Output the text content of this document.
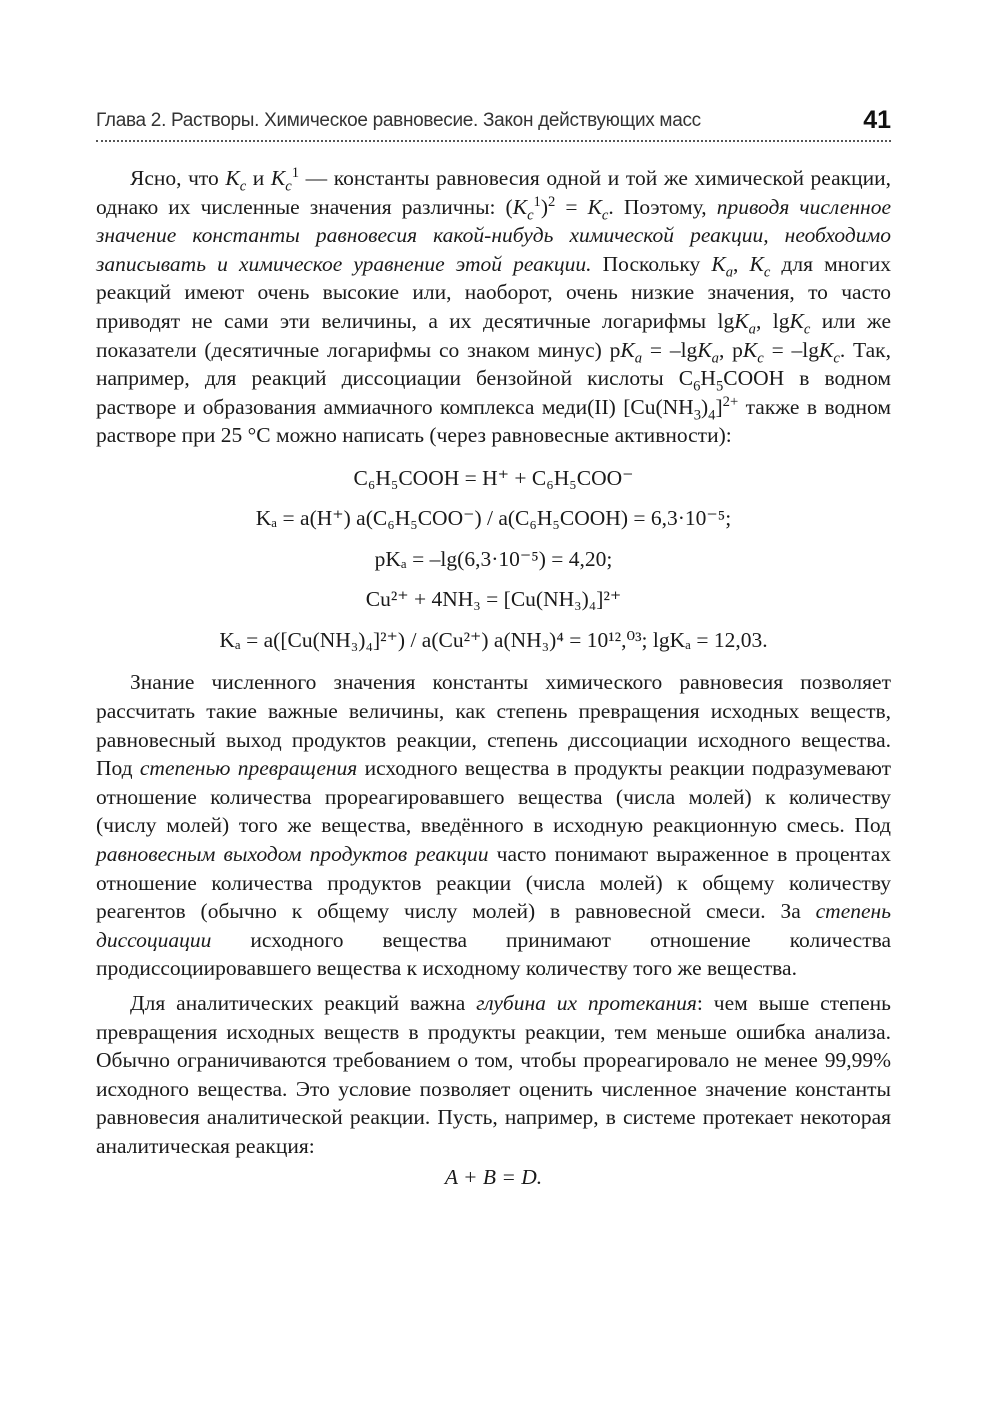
Глава 2. Растворы. Химическое равновесие. Закон действующих масс	41

Ясно, что $K_c$ и $K_c^1$ — константы равновесия одной и той же химической реакции, однако их численные значения различны: $(K_c^1)^2 = K_c$. Поэтому, приводя численное значение константы равновесия какой-нибудь химической реакции, необходимо записывать и химическое уравнение этой реакции. Поскольку $K_a$, $K_c$ для многих реакций имеют очень высокие или, наоборот, очень низкие значения, то часто приводят не сами эти величины, а их десятичные логарифмы lgK$_a$, lgK$_c$ или же показатели (десятичные логарифмы со знаком минус) $pK_a = -\lg K_a$, $pK_c = -\lg K_c$. Так, например, для реакций диссоциации бензойной кислоты $C_6H_5COOH$ в водном растворе и образования аммиачного комплекса меди(II) $[Cu(NH_3)_4]^{2+}$ также в водном растворе при 25 °С можно написать (через равновесные активности):

C₆H₅COOH = H⁺ + C₆H₅COO⁻
Kₐ = a(H⁺) a(C₆H₅COO⁻) / a(C₆H₅COOH) = 6,3·10⁻⁵;
pKₐ = –lg(6,3·10⁻⁵) = 4,20;
Cu²⁺ + 4NH₃ = [Cu(NH₃)₄]²⁺
Kₐ = a([Cu(NH₃)₄]²⁺) / a(Cu²⁺) a(NH₃)⁴ = 10¹²,⁰³; lgKₐ = 12,03.

Знание численного значения константы химического равновесия позволяет рассчитать такие важные величины, как степень превращения исходных веществ, равновесный выход продуктов реакции, степень диссоциации исходного вещества. Под степенью превращения исходного вещества в продукты реакции подразумевают отношение количества прореагировавшего вещества (числа молей) к количеству (числу молей) того же вещества, введённого в исходную реакционную смесь. Под равновесным выходом продуктов реакции часто понимают выраженное в процентах отношение количества продуктов реакции (числа молей) к общему количеству реагентов (обычно к общему числу молей) в равновесной смеси. За степень диссоциации исходного вещества принимают отношение количества продиссоциировавшего вещества к исходному количеству того же вещества.

Для аналитических реакций важна глубина их протекания: чем выше степень превращения исходных веществ в продукты реакции, тем меньше ошибка анализа. Обычно ограничиваются требованием о том, чтобы прореагировало не менее 99,99% исходного вещества. Это условие позволяет оценить численное значение константы равновесия аналитической реакции. Пусть, например, в системе протекает некоторая аналитическая реакция:

A + B = D.
